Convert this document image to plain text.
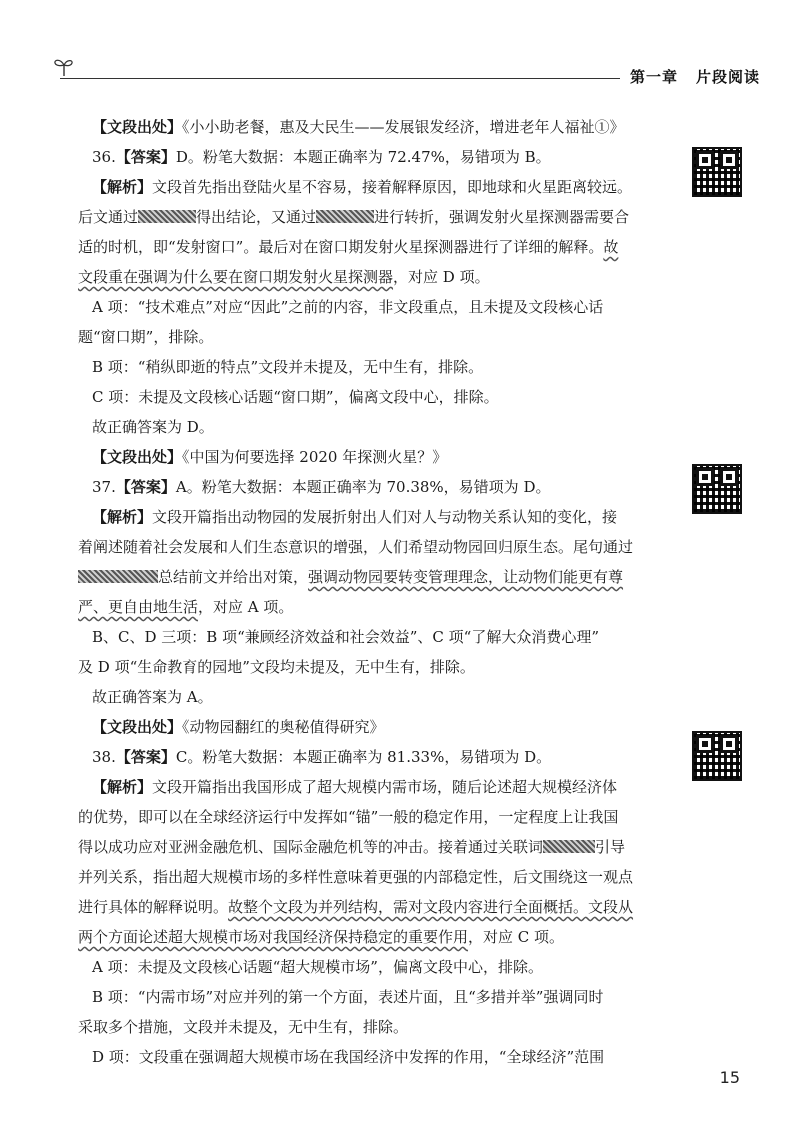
第一章 片段阅读

【文段出处】《小小助老餐，惠及大民生——发展银发经济，增进老年人福祉①》

36.【答案】D。粉笔大数据：本题正确率为 72.47%，易错项为 B。

【解析】文段首先指出登陆火星不容易，接着解释原因，即地球和火星距离较远。

后文通过	得出结论，又通过	进行转折，强调发射火星探测器需要合

适的时机，即“发射窗口”。最后对在窗口期发射火星探测器进行了详细的解释。故

文段重在强调为什么要在窗口期发射火星探测器，对应 D 项。

A 项：“技术难点”对应“因此”之前的内容，非文段重点，且未提及文段核心话

题“窗口期”，排除。

B 项：“稍纵即逝的特点”文段并未提及，无中生有，排除。

C 项：未提及文段核心话题“窗口期”，偏离文段中心，排除。

故正确答案为 D。

【文段出处】《中国为何要选择 2020 年探测火星？》

37.【答案】A。粉笔大数据：本题正确率为 70.38%，易错项为 D。

【解析】文段开篇指出动物园的发展折射出人们对人与动物关系认知的变化，接

着阐述随着社会发展和人们生态意识的增强，人们希望动物园回归原生态。尾句通过

总结前文并给出对策，强调动物园要转变管理理念，让动物们能更有尊

严、更自由地生活，对应 A 项。

B、C、D 三项：B 项“兼顾经济效益和社会效益”、C 项“了解大众消费心理”

及 D 项“生命教育的园地”文段均未提及，无中生有，排除。

故正确答案为 A。

【文段出处】《动物园翻红的奥秘值得研究》

38.【答案】C。粉笔大数据：本题正确率为 81.33%，易错项为 D。

【解析】文段开篇指出我国形成了超大规模内需市场，随后论述超大规模经济体

的优势，即可以在全球经济运行中发挥如“锚”一般的稳定作用，一定程度上让我国

得以成功应对亚洲金融危机、国际金融危机等的冲击。接着通过关联词	引导

并列关系，指出超大规模市场的多样性意味着更强的内部稳定性，后文围绕这一观点

进行具体的解释说明。故整个文段为并列结构，需对文段内容进行全面概括。文段从

两个方面论述超大规模市场对我国经济保持稳定的重要作用，对应 C 项。

A 项：未提及文段核心话题“超大规模市场”，偏离文段中心，排除。

B 项：“内需市场”对应并列的第一个方面，表述片面，且“多措并举”强调同时

采取多个措施，文段并未提及，无中生有，排除。

D 项：文段重在强调超大规模市场在我国经济中发挥的作用，“全球经济”范围

15
